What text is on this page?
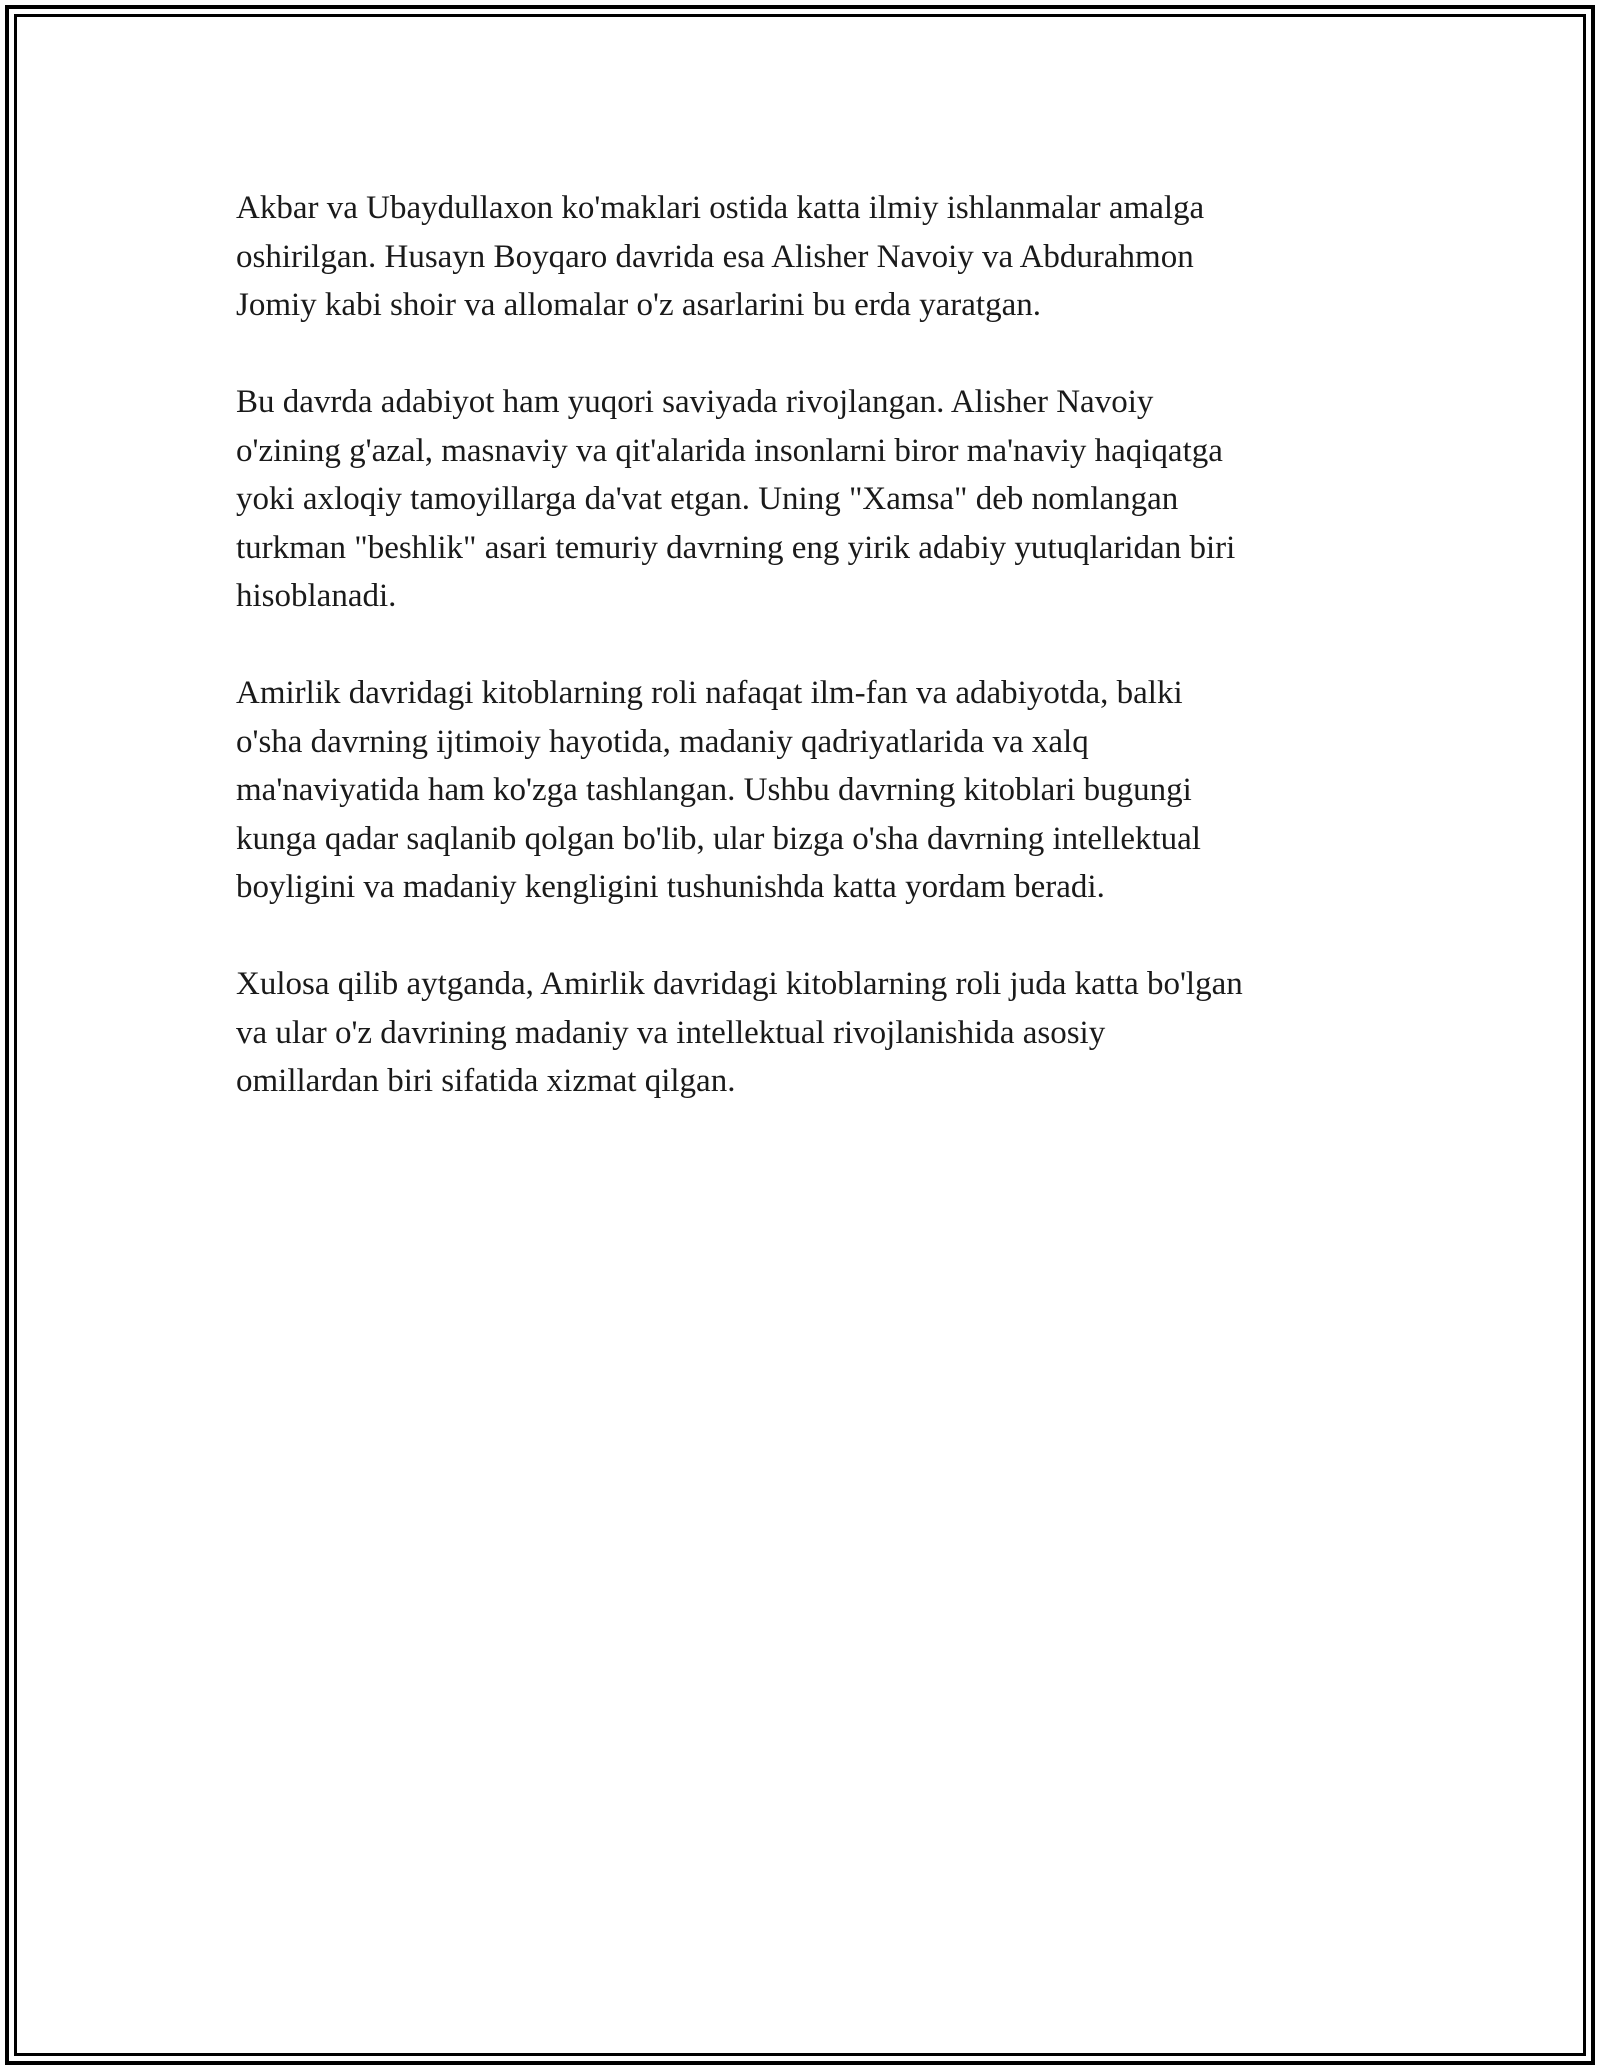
Akbar va Ubaydullaxon ko'maklari ostida katta ilmiy ishlanmalar amalga
oshirilgan. Husayn Boyqaro davrida esa Alisher Navoiy va Abdurahmon
Jomiy kabi shoir va allomalar o'z asarlarini bu erda yaratgan.

Bu davrda adabiyot ham yuqori saviyada rivojlangan. Alisher Navoiy
o'zining g'azal, masnaviy va qit'alarida insonlarni biror ma'naviy haqiqatga
yoki axloqiy tamoyillarga da'vat etgan. Uning "Xamsa" deb nomlangan
turkman "beshlik" asari temuriy davrning eng yirik adabiy yutuqlaridan biri
hisoblanadi.

Amirlik davridagi kitoblarning roli nafaqat ilm-fan va adabiyotda, balki
o'sha davrning ijtimoiy hayotida, madaniy qadriyatlarida va xalq
ma'naviyatida ham ko'zga tashlangan. Ushbu davrning kitoblari bugungi
kunga qadar saqlanib qolgan bo'lib, ular bizga o'sha davrning intellektual
boyligini va madaniy kengligini tushunishda katta yordam beradi.

Xulosa qilib aytganda, Amirlik davridagi kitoblarning roli juda katta bo'lgan
va ular o'z davrining madaniy va intellektual rivojlanishida asosiy
omillardan biri sifatida xizmat qilgan.
